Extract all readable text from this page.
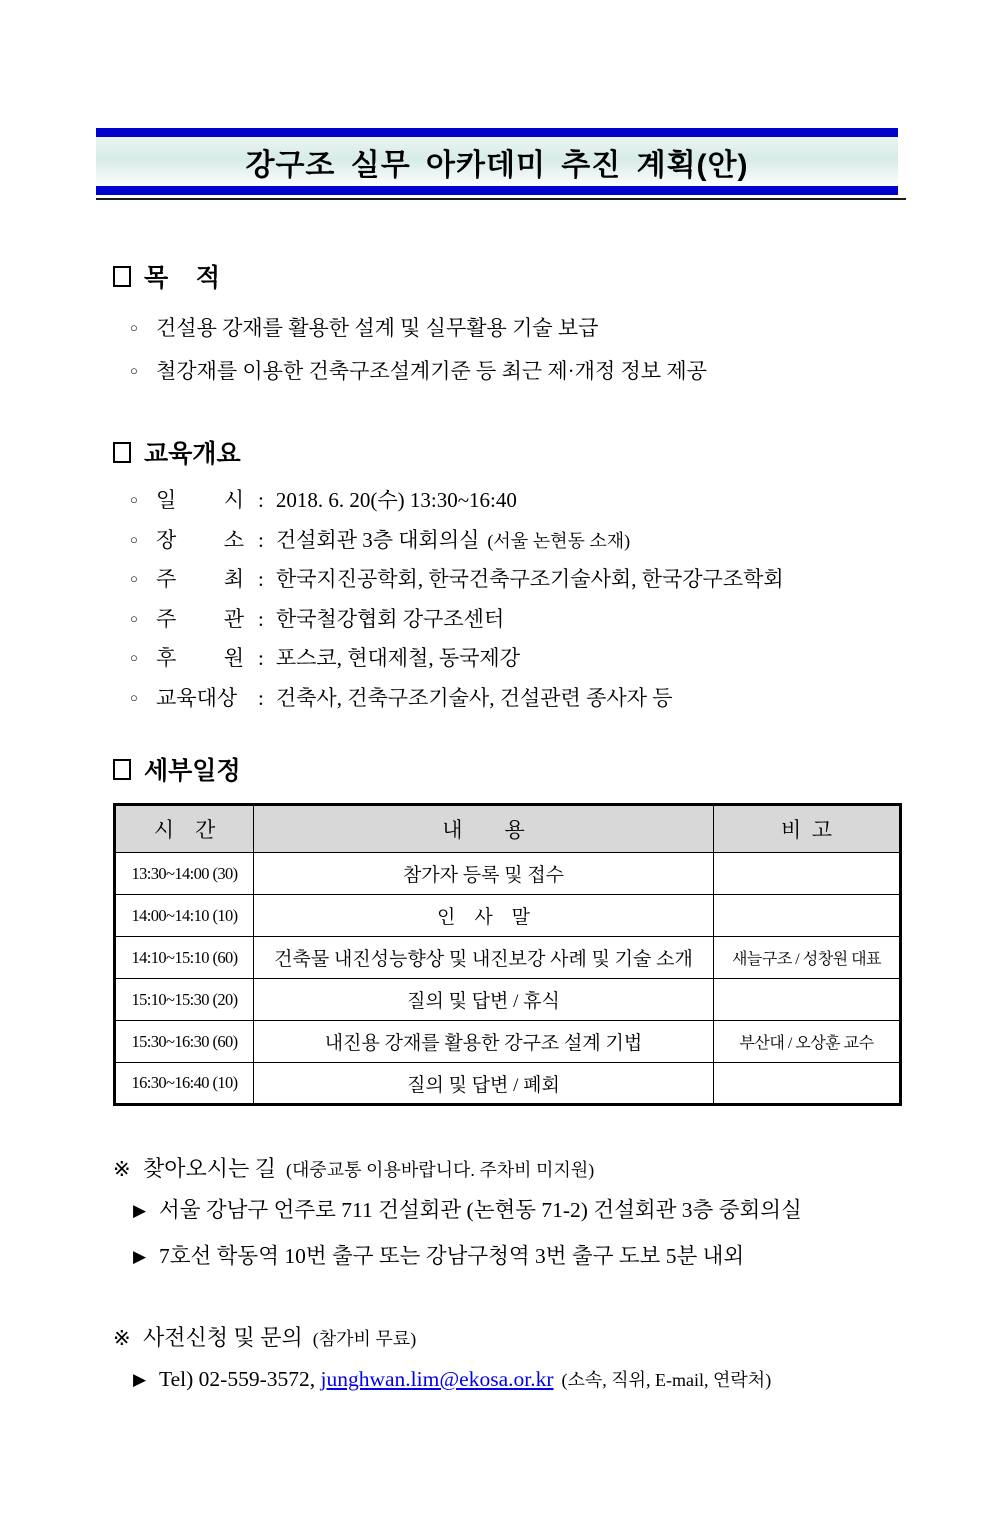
강구조 실무 아카데미 추진 계획(안)
목    적
○ 건설용 강재를 활용한 설계 및 실무활용 기술 보급
○ 철강재를 이용한 건축구조설계기준 등 최근 제·개정 정보 제공
교육개요
○ 일 시 : 2018. 6. 20(수) 13:30~16:40
○ 장 소 : 건설회관 3층 대회의실 (서울 논현동 소재)
○ 주 최 : 한국지진공학회, 한국건축구조기술사회, 한국강구조학회
○ 주 관 : 한국철강협회 강구조센터
○ 후 원 : 포스코, 현대제철, 동국제강
○ 교육대상 : 건축사, 건축구조기술사, 건설관련 종사자 등
세부일정
시    간	내        용	비  고
13:30~14:00 (30)	참가자 등록 및 접수	
14:00~14:10 (10)	인    사    말	
14:10~15:10 (60)	건축물 내진성능향상 및 내진보강 사례 및 기술 소개	새늘구조 / 성창원 대표
15:10~15:30 (20)	질의 및 답변 / 휴식	
15:30~16:30 (60)	내진용 강재를 활용한 강구조 설계 기법	부산대 / 오상훈 교수
16:30~16:40 (10)	질의 및 답변 / 폐회	
※ 찾아오시는 길 (대중교통 이용바랍니다. 주차비 미지원)
▶ 서울 강남구 언주로 711 건설회관 (논현동 71-2) 건설회관 3층 중회의실
▶ 7호선 학동역 10번 출구 또는 강남구청역 3번 출구 도보 5분 내외
※ 사전신청 및 문의 (참가비 무료)
▶ Tel) 02-559-3572, junghwan.lim@ekosa.or.kr (소속, 직위, E-mail, 연락처)
